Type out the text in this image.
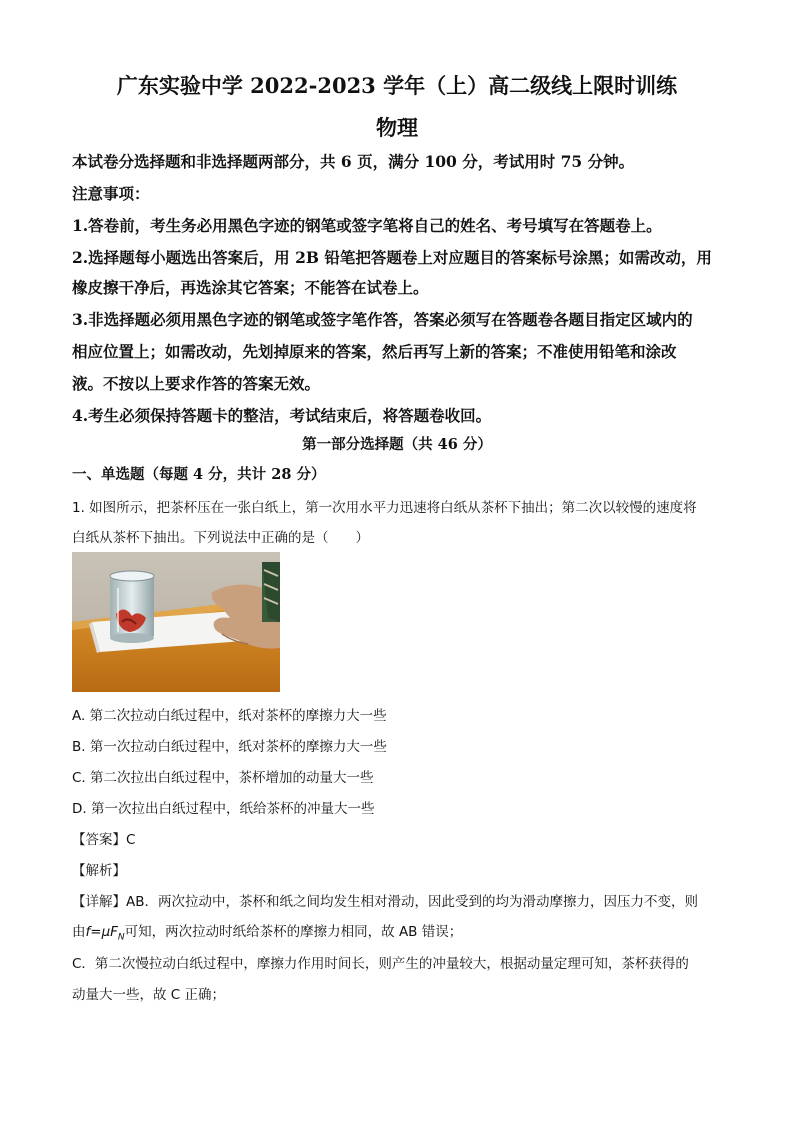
广东实验中学 2022-2023 学年（上）高二级线上限时训练
物理
本试卷分选择题和非选择题两部分，共 6 页，满分 100 分，考试用时 75 分钟。
注意事项：
1.答卷前，考生务必用黑色字迹的钢笔或签字笔将自己的姓名、考号填写在答题卷上。
2.选择题每小题选出答案后，用 2B 铅笔把答题卷上对应题目的答案标号涂黑；如需改动，用
橡皮擦干净后，再选涂其它答案；不能答在试卷上。
3.非选择题必须用黑色字迹的钢笔或签字笔作答，答案必须写在答题卷各题目指定区域内的
相应位置上；如需改动，先划掉原来的答案，然后再写上新的答案；不准使用铅笔和涂改
液。不按以上要求作答的答案无效。
4.考生必须保持答题卡的整洁，考试结束后，将答题卷收回。
第一部分选择题（共 46 分）
一、单选题（每题 4 分，共计 28 分）
1. 如图所示，把茶杯压在一张白纸上，第一次用水平力迅速将白纸从茶杯下抽出；第二次以较慢的速度将
白纸从茶杯下抽出。下列说法中正确的是（　　）
A. 第二次拉动白纸过程中，纸对茶杯的摩擦力大一些
B. 第一次拉动白纸过程中，纸对茶杯的摩擦力大一些
C. 第二次拉出白纸过程中，茶杯增加的动量大一些
D. 第一次拉出白纸过程中，纸给茶杯的冲量大一些
【答案】C
【解析】
【详解】AB．两次拉动中，茶杯和纸之间均发生相对滑动，因此受到的均为滑动摩擦力，因压力不变，则
由$f=\mu F_N$可知，两次拉动时纸给茶杯的摩擦力相同，故 AB 错误；
C．第二次慢拉动白纸过程中，摩擦力作用时间长，则产生的冲量较大，根据动量定理可知，茶杯获得的
动量大一些，故 C 正确；
